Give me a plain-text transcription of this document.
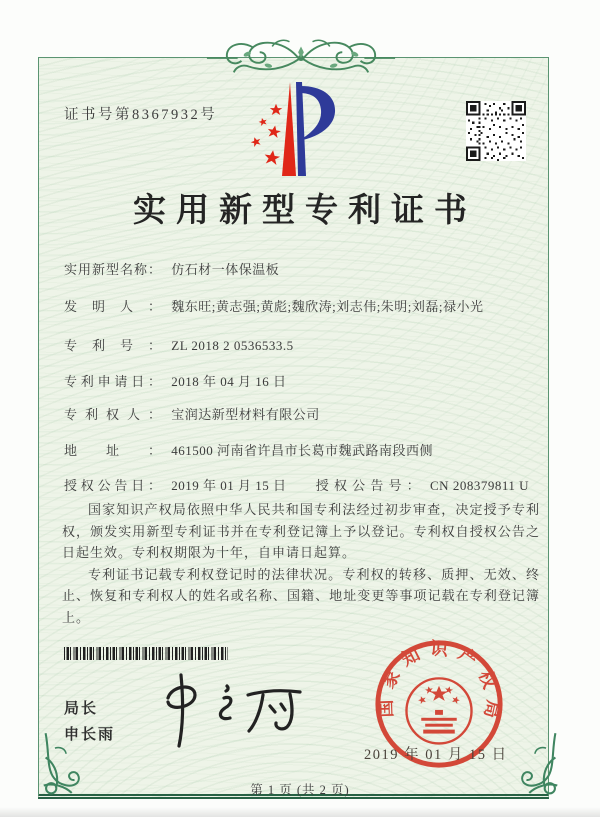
证书号第8367932号
实用新型专利证书
实用新型名称： 仿石材一体保温板
发明人： 魏东旺;黄志强;黄彪;魏欣涛;刘志伟;朱明;刘磊;禄小光
专利号： ZL 2018 2 0536533.5
专利申请日： 2018 年 04 月 16 日
专利权人： 宝润达新型材料有限公司
地址： 461500 河南省许昌市长葛市魏武路南段西侧
授权公告日： 2019 年 01 月 15 日 授权公告号： CN 208379811 U

国家知识产权局依照中华人民共和国专利法经过初步审查，决定授予专利权，颁发实用新型专利证书并在专利登记簿上予以登记。专利权自授权公告之日起生效。专利权期限为十年，自申请日起算。

专利证书记载专利权登记时的法律状况。专利权的转移、质押、无效、终止、恢复和专利权人的姓名或名称、国籍、地址变更等事项记载在专利登记簿上。

局长
申长雨
国家知识产权局
2019 年 01 月 15 日
第 1 页 (共 2 页)
